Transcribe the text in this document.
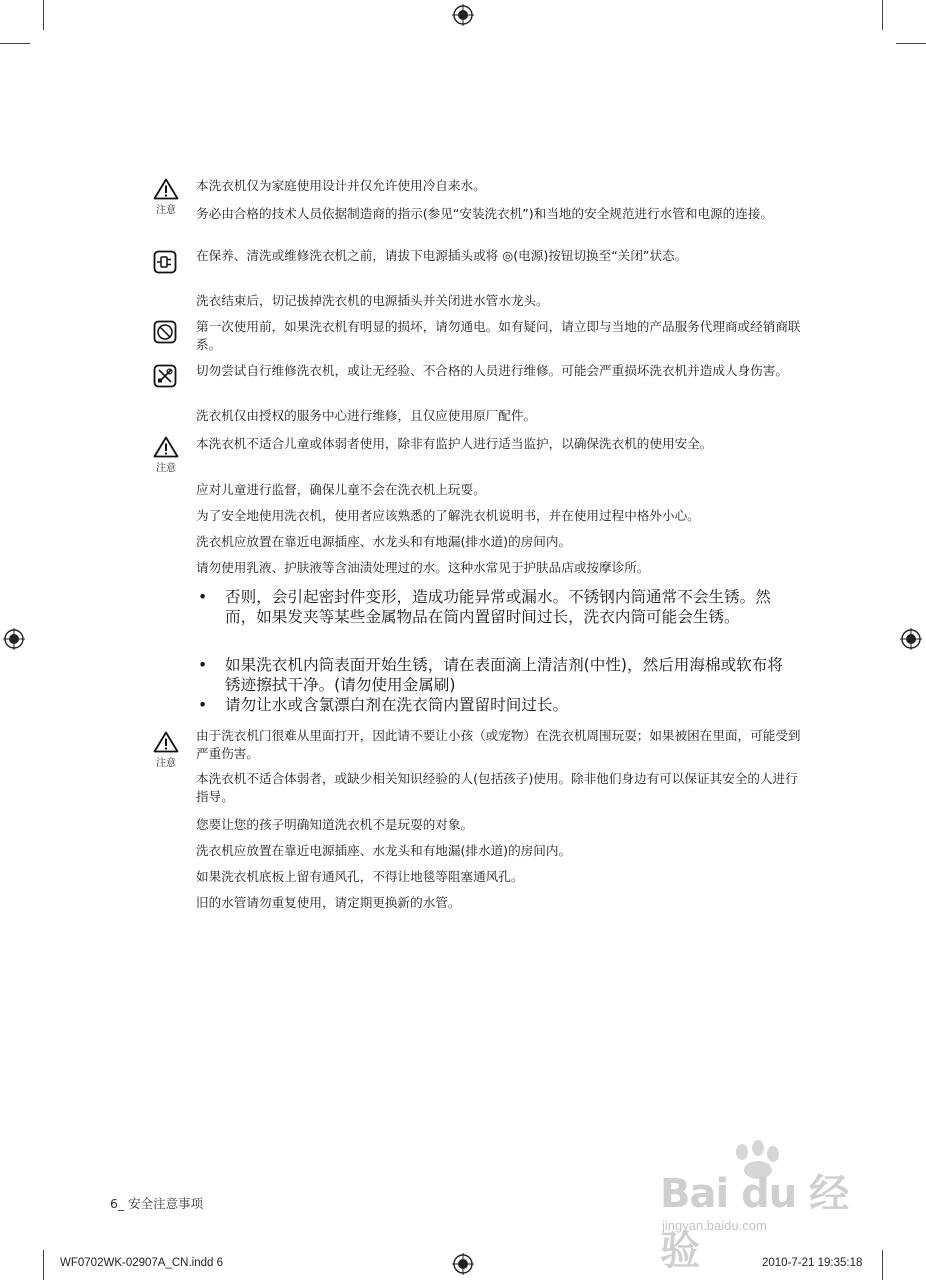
注意
本洗衣机仅为家庭使用设计并仅允许使用冷自来水。
务必由合格的技术人员依据制造商的指示(参见“安装洗衣机”)和当地的安全规范进行水管和电源的连接。
在保养、清洗或维修洗衣机之前，请拔下电源插头或将 ◎(电源)按钮切换至“关闭”状态。
洗衣结束后，切记拔掉洗衣机的电源插头并关闭进水管水龙头。
第一次使用前，如果洗衣机有明显的损坏，请勿通电。如有疑问，请立即与当地的产品服务代理商或经销商联系。
切勿尝试自行维修洗衣机，或让无经验、不合格的人员进行维修。可能会严重损坏洗衣机并造成人身伤害。
洗衣机仅由授权的服务中心进行维修，且仅应使用原厂配件。
注意
本洗衣机不适合儿童或体弱者使用，除非有监护人进行适当监护，以确保洗衣机的使用安全。
应对儿童进行监督，确保儿童不会在洗衣机上玩耍。
为了安全地使用洗衣机，使用者应该熟悉的了解洗衣机说明书，并在使用过程中格外小心。
洗衣机应放置在靠近电源插座、水龙头和有地漏(排水道)的房间内。
请勿使用乳液、护肤液等含油渍处理过的水。这种水常见于护肤品店或按摩诊所。
• 否则，会引起密封件变形，造成功能异常或漏水。不锈钢内筒通常不会生锈。然而，如果发夹等某些金属物品在筒内置留时间过长，洗衣内筒可能会生锈。
• 如果洗衣机内筒表面开始生锈，请在表面滴上清洁剂(中性)，然后用海棉或软布将锈迹擦拭干净。(请勿使用金属刷)
• 请勿让水或含氯漂白剂在洗衣筒内置留时间过长。
注意
由于洗衣机门很难从里面打开，因此请不要让小孩（或宠物）在洗衣机周围玩耍；如果被困在里面，可能受到严重伤害。
本洗衣机不适合体弱者，或缺少相关知识经验的人(包括孩子)使用。除非他们身边有可以保证其安全的人进行指导。
您要让您的孩子明确知道洗衣机不是玩耍的对象。
洗衣机应放置在靠近电源插座、水龙头和有地漏(排水道)的房间内。
如果洗衣机底板上留有通风孔，不得让地毯等阻塞通风孔。
旧的水管请勿重复使用，请定期更换新的水管。
6_ 安全注意事项	Bai du 经验
jingyan.baidu.com
WF0702WK-02907A_CN.indd 6	2010-7-21 19:35:18
